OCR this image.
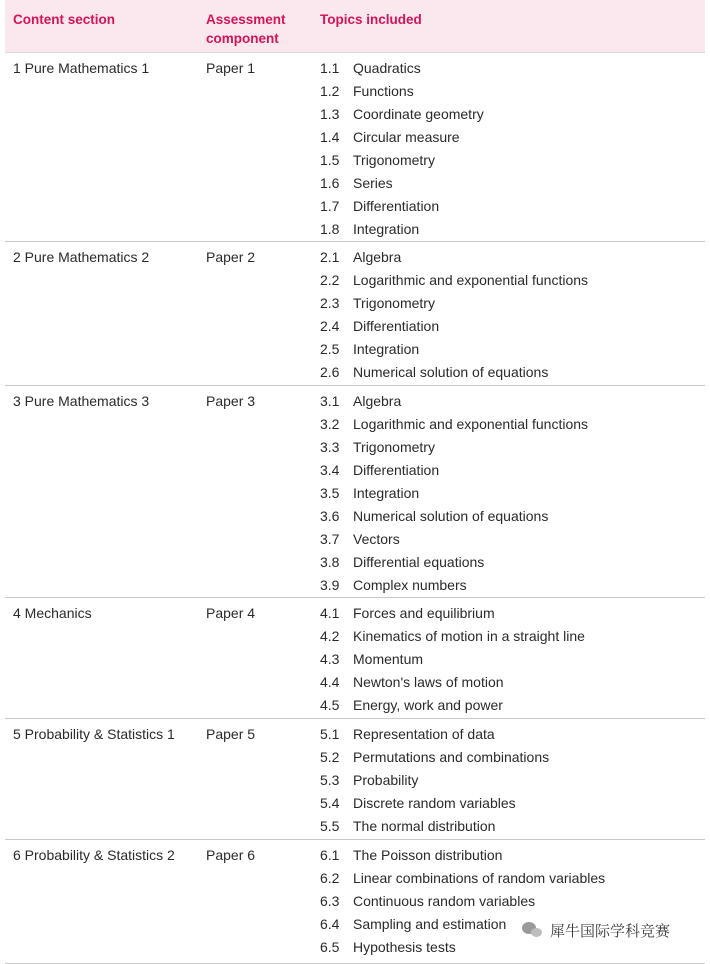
Content section	Assessment
component
Topics included
1 Pure Mathematics 1	Paper 1	1.1 Quadratics
1.2 Functions
1.3 Coordinate geometry
1.4 Circular measure
1.5 Trigonometry
1.6 Series
1.7 Differentiation
1.8 Integration
2 Pure Mathematics 2	Paper 2	2.1 Algebra
2.2 Logarithmic and exponential functions
2.3 Trigonometry
2.4 Differentiation
2.5 Integration
2.6 Numerical solution of equations
3 Pure Mathematics 3	Paper 3	3.1 Algebra
3.2 Logarithmic and exponential functions
3.3 Trigonometry
3.4 Differentiation
3.5 Integration
3.6 Numerical solution of equations
3.7 Vectors
3.8 Differential equations
3.9 Complex numbers
4 Mechanics	Paper 4	4.1 Forces and equilibrium
4.2 Kinematics of motion in a straight line
4.3 Momentum
4.4 Newton's laws of motion
4.5 Energy, work and power
5 Probability & Statistics 1 Paper 5	5.1 Representation of data
5.2 Permutations and combinations
5.3 Probability
5.4 Discrete random variables
5.5 The normal distribution
6 Probability & Statistics 2 Paper 6	6.1 The Poisson distribution
6.2 Linear combinations of random variables
6.3 Continuous random variables
6.4 Sampling and estimation
6.5 Hypothesis tests
犀牛国际学科竞赛
